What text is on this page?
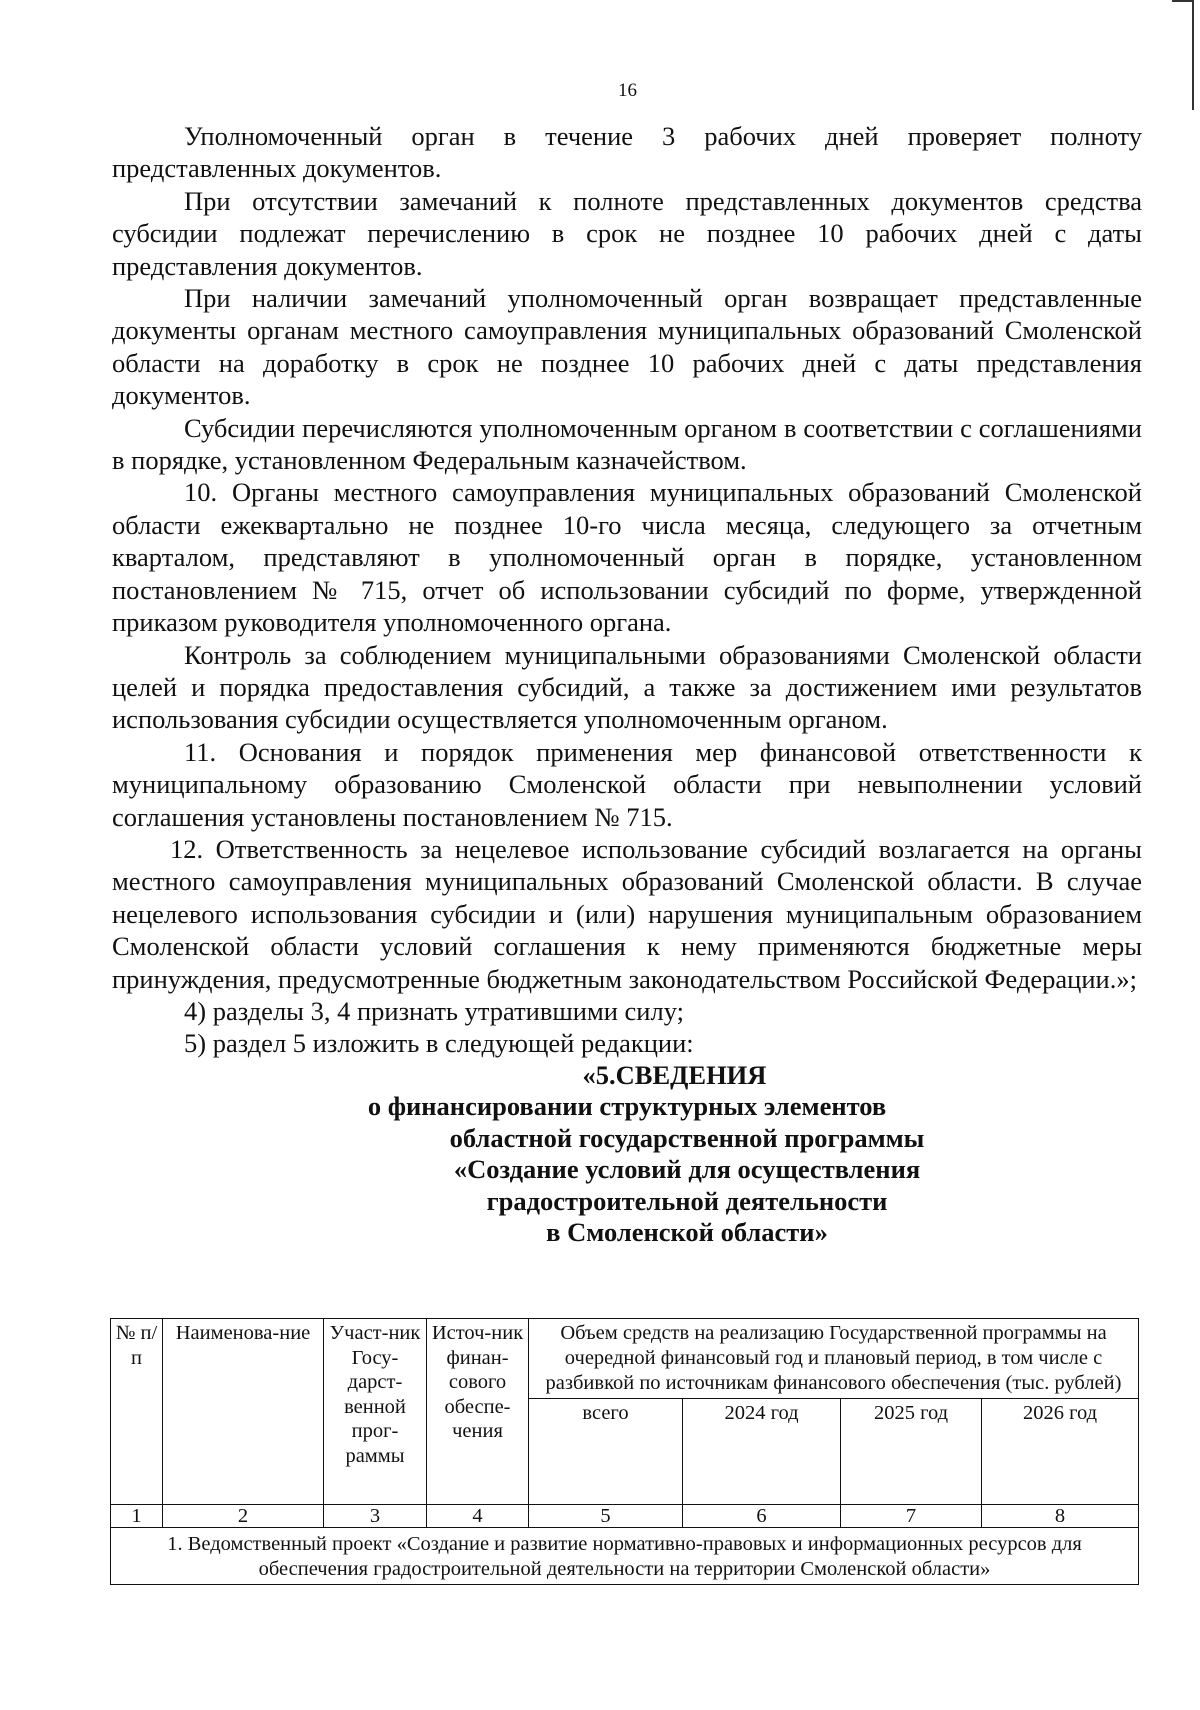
16

Уполномоченный орган в течение 3 рабочих дней проверяет полноту представленных документов.

При отсутствии замечаний к полноте представленных документов средства субсидии подлежат перечислению в срок не позднее 10 рабочих дней с даты представления документов.

При наличии замечаний уполномоченный орган возвращает представленные документы органам местного самоуправления муниципальных образований Смоленской области на доработку в срок не позднее 10 рабочих дней с даты представления документов.

Субсидии перечисляются уполномоченным органом в соответствии с соглашениями в порядке, установленном Федеральным казначейством.

10. Органы местного самоуправления муниципальных образований Смоленской области ежеквартально не позднее 10-го числа месяца, следующего за отчетным кварталом, представляют в уполномоченный орган в порядке, установленном постановлением № 715, отчет об использовании субсидий по форме, утвержденной приказом руководителя уполномоченного органа.

Контроль за соблюдением муниципальными образованиями Смоленской области целей и порядка предоставления субсидий, а также за достижением ими результатов использования субсидии осуществляется уполномоченным органом.

11. Основания и порядок применения мер финансовой ответственности к муниципальному образованию Смоленской области при невыполнении условий соглашения установлены постановлением № 715.

12. Ответственность за нецелевое использование субсидий возлагается на органы местного самоуправления муниципальных образований Смоленской области. В случае нецелевого использования субсидии и (или) нарушения муниципальным образованием Смоленской области условий соглашения к нему применяются бюджетные меры принуждения, предусмотренные бюджетным законодательством Российской Федерации.»;

4) разделы 3, 4 признать утратившими силу;

5) раздел 5 изложить в следующей редакции:

«5.СВЕДЕНИЯ
о финансировании структурных элементов
областной государственной программы
«Создание условий для осуществления
градостроительной деятельности
в Смоленской области»
№ п/п	Наименова-ние	Участ-ник Госу-дарст-венной прог-раммы	Источ-ник финан-сового обеспе-чения	Объем средств на реализацию Государственной программы на очередной финансовый год и плановый период, в том числе с разбивкой по источникам финансового обеспечения (тыс. рублей)			
				всего	2024 год	2025 год	2026 год
1	2	3	4	5	6	7	8
1. Ведомственный проект «Создание и развитие нормативно-правовых и информационных ресурсов для обеспечения градостроительной деятельности на территории Смоленской области»							
